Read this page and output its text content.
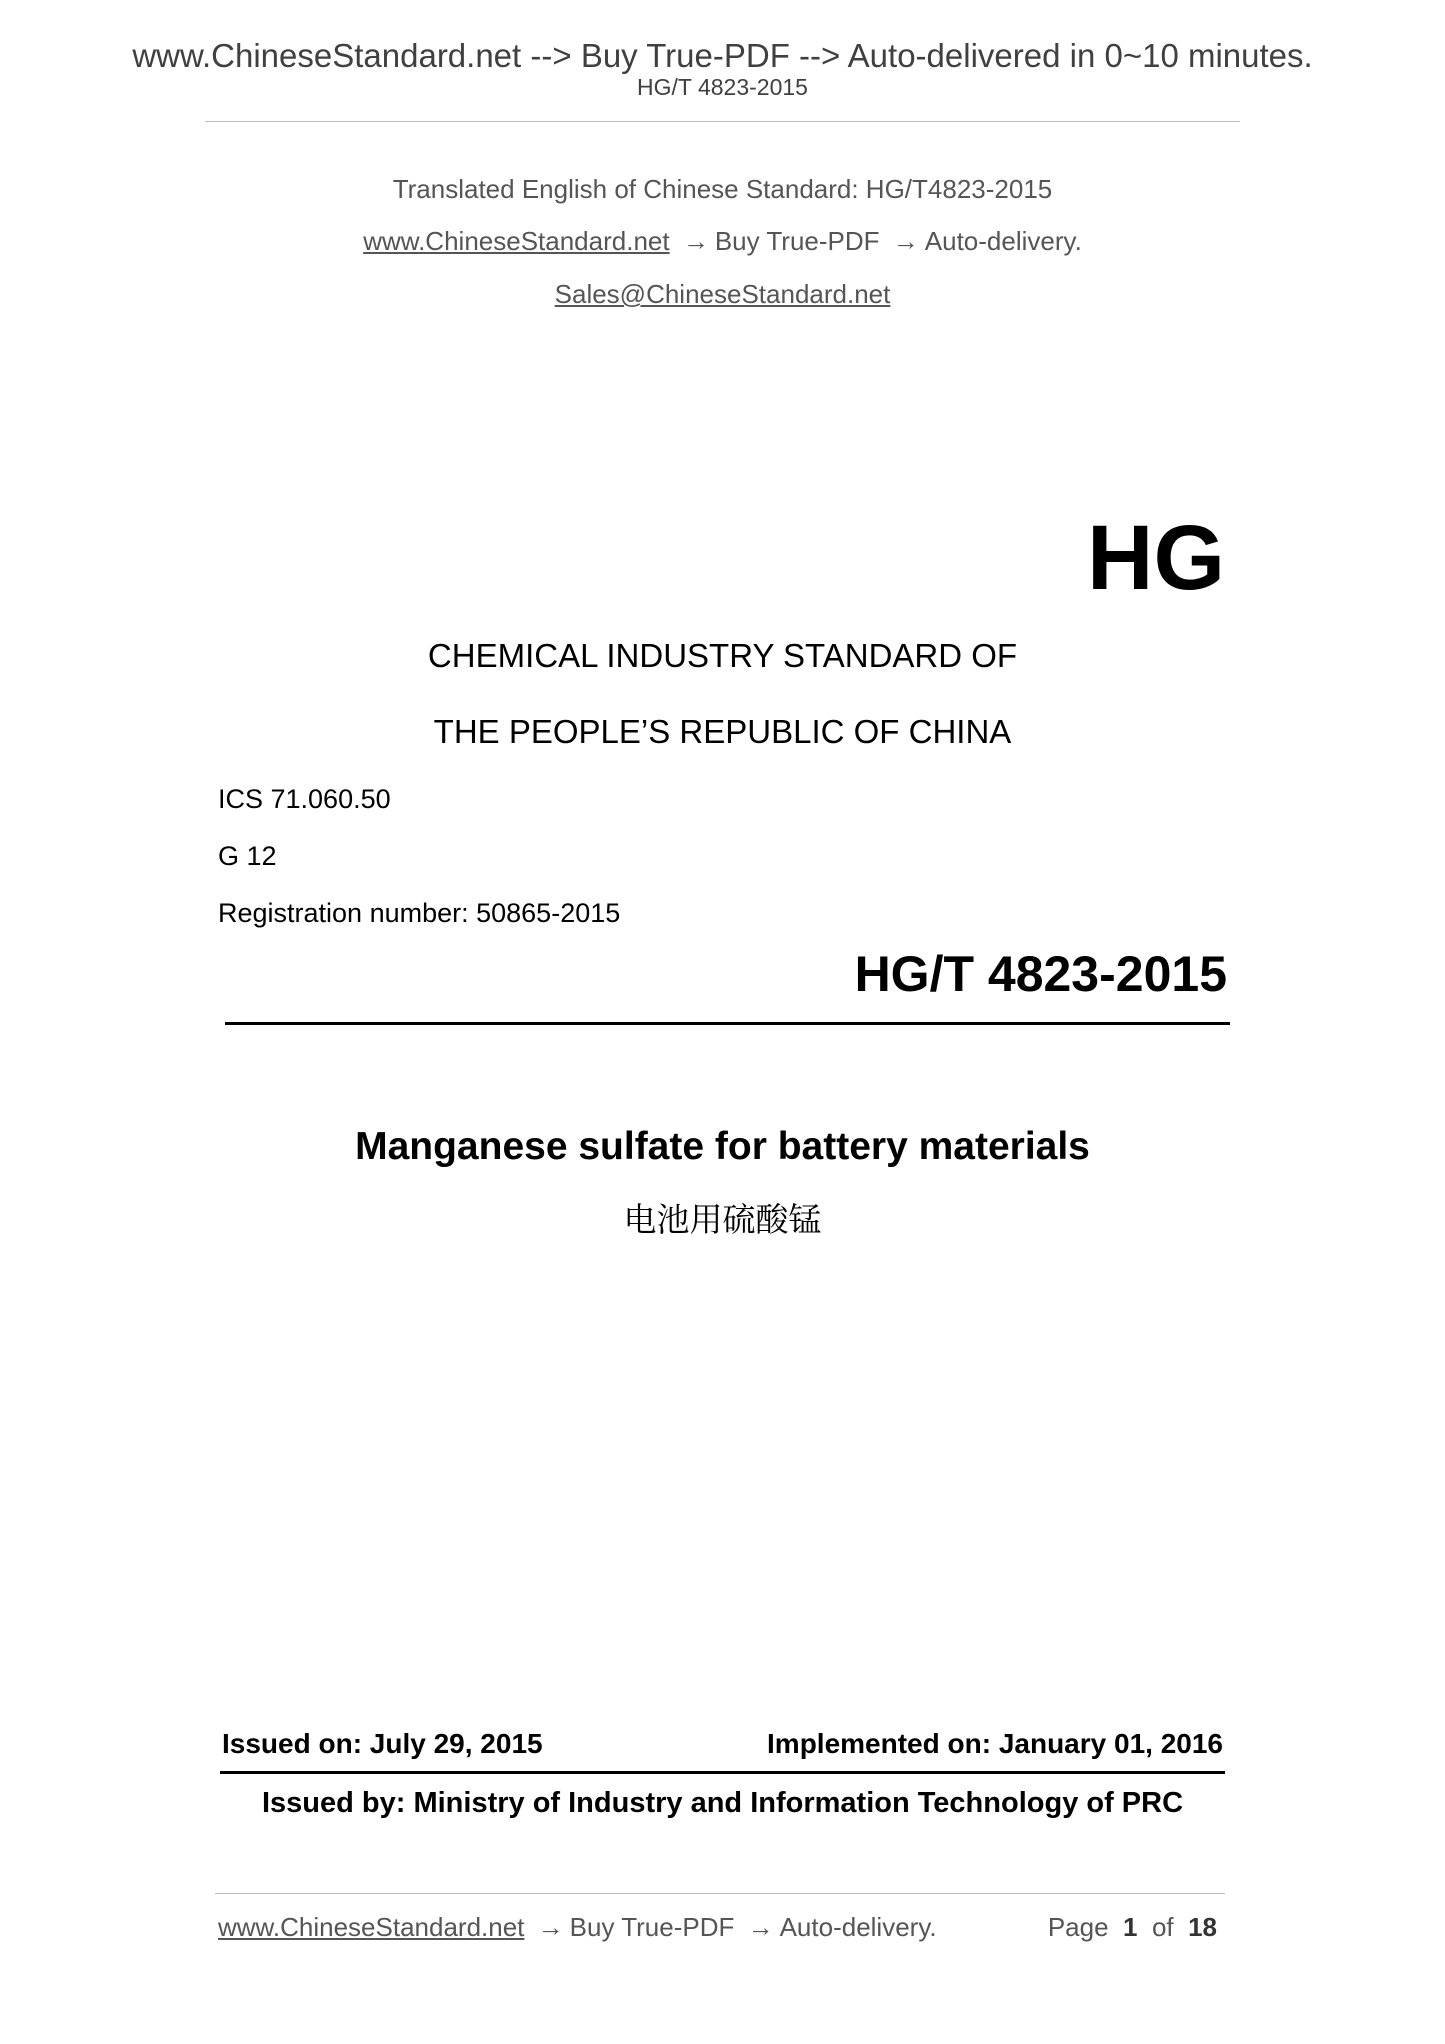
www.ChineseStandard.net --> Buy True-PDF --> Auto-delivered in 0~10 minutes.
HG/T 4823-2015
Translated English of Chinese Standard: HG/T4823-2015
www.ChineseStandard.net → Buy True-PDF → Auto-delivery.
Sales@ChineseStandard.net
HG
CHEMICAL INDUSTRY STANDARD OF
THE PEOPLE’S REPUBLIC OF CHINA
ICS 71.060.50
G 12
Registration number: 50865-2015
HG/T 4823-2015
Manganese sulfate for battery materials
电池用硫酸锰
Issued on: July 29, 2015	Implemented on: January 01, 2016
Issued by: Ministry of Industry and Information Technology of PRC
www.ChineseStandard.net → Buy True-PDF → Auto-delivery.	Page 1 of 18
